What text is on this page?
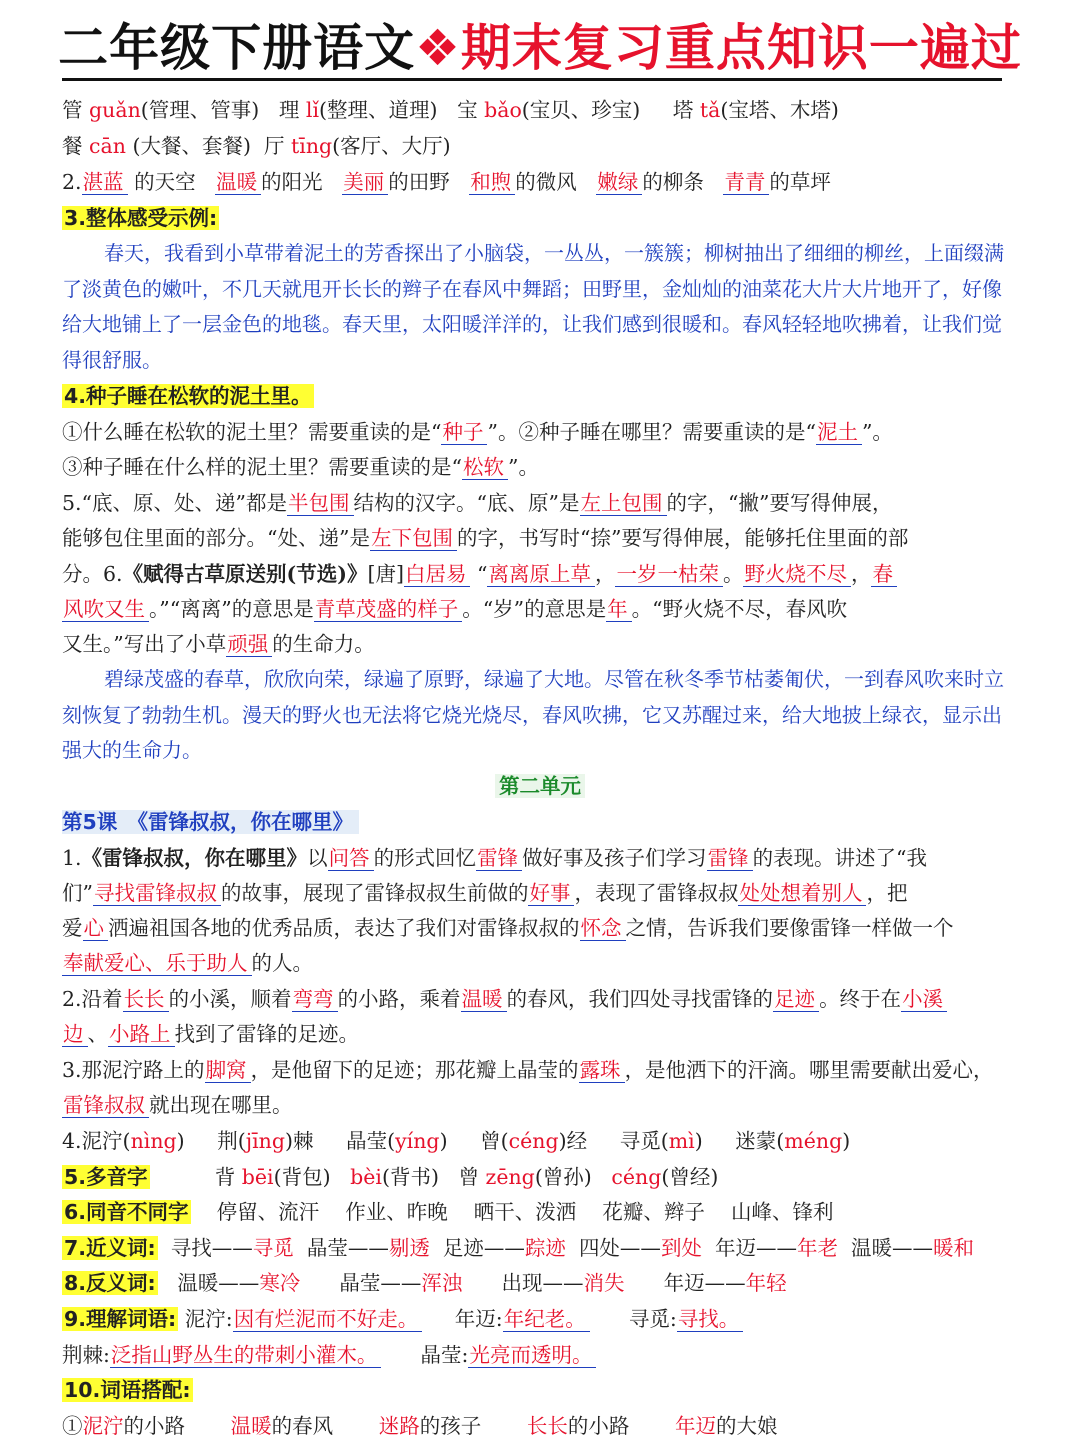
二年级下册语文❖期末复习重点知识一遍过
管 guǎn(管理、管事) 理 lǐ(整理、道理) 宝 bǎo(宝贝、珍宝) 塔 tǎ(宝塔、木塔)
餐 cān (大餐、套餐) 厅 tīng(客厅、大厅)
2.湛蓝 的天空 温暖 的阳光 美丽 的田野 和煦 的微风 嫩绿 的柳条 青青 的草坪
3.整体感受示例:
春天，我看到小草带着泥土的芳香探出了小脑袋，一丛丛，一簇簇；柳树抽出了细细的柳丝，上面缀满了淡黄色的嫩叶，不几天就甩开长长的辫子在春风中舞蹈；田野里，金灿灿的油菜花大片大片地开了，好像给大地铺上了一层金色的地毯。春天里，太阳暖洋洋的，让我们感到很暖和。春风轻轻地吹拂着，让我们觉得很舒服。
4.种子睡在松软的泥土里。
①什么睡在松软的泥土里？需要重读的是“种子 ”。②种子睡在哪里？需要重读的是“泥土 ”。
③种子睡在什么样的泥土里？需要重读的是“松软 ”。
5.“底、原、处、递”都是半包围 结构的汉字。“底、原”是左上包围 的字，“撇”要写得伸展，
能够包住里面的部分。“处、递”是左下包围 的字，书写时“捺”要写得伸展，能够托住里面的部
分。6.《赋得古草原送别(节选)》[唐]白居易 “离离原上草 ，一岁一枯荣 。野火烧不尽 ，春
风吹又生 。”“离离”的意思是青草茂盛的样子 。“岁”的意思是年 。“野火烧不尽，春风吹
又生。”写出了小草顽强 的生命力。
碧绿茂盛的春草，欣欣向荣，绿遍了原野，绿遍了大地。尽管在秋冬季节枯萎匍伏，一到春风吹来时立刻恢复了勃勃生机。漫天的野火也无法将它烧光烧尽，春风吹拂，它又苏醒过来，给大地披上绿衣，显示出强大的生命力。
第二单元
第5课　《雷锋叔叔，你在哪里》
1.《雷锋叔叔，你在哪里》以问答 的形式回忆雷锋 做好事及孩子们学习雷锋 的表现。讲述了“我
们”寻找雷锋叔叔 的故事，展现了雷锋叔叔生前做的好事 ，表现了雷锋叔叔处处想着别人 ，把
爱心 洒遍祖国各地的优秀品质，表达了我们对雷锋叔叔的怀念 之情，告诉我们要像雷锋一样做一个
奉献爱心、乐于助人 的人。
2.沿着长长 的小溪，顺着弯弯 的小路，乘着温暖 的春风，我们四处寻找雷锋的足迹 。终于在小溪
边 、小路上 找到了雷锋的足迹。
3.那泥泞路上的脚窝 ，是他留下的足迹；那花瓣上晶莹的露珠 ，是他洒下的汗滴。哪里需要献出爱心，
雷锋叔叔 就出现在哪里。
4.泥泞(nìng) 荆(jīng)棘 晶莹(yíng) 曾(céng)经 寻觅(mì) 迷蒙(méng)
5.多音字	背 bēi(背包) bèi(背书) 曾 zēng(曾孙) céng(曾经)
6.同音不同字 停留、流汗 作业、昨晚 晒干、泼洒 花瓣、辫子 山峰、锋利
7.近义词: 寻找——寻觅 晶莹——剔透 足迹——踪迹 四处——到处 年迈——年老 温暖——暖和
8.反义词: 温暖——寒冷 晶莹——浑浊 出现——消失 年迈——年轻
9.理解词语: 泥泞:因有烂泥而不好走。 年迈:年纪老。 寻觅:寻找。
荆棘:泛指山野丛生的带刺小灌木。 晶莹:光亮而透明。
10.词语搭配:
①泥泞的小路 温暖的春风 迷路的孩子 长长的小路 年迈的大娘
